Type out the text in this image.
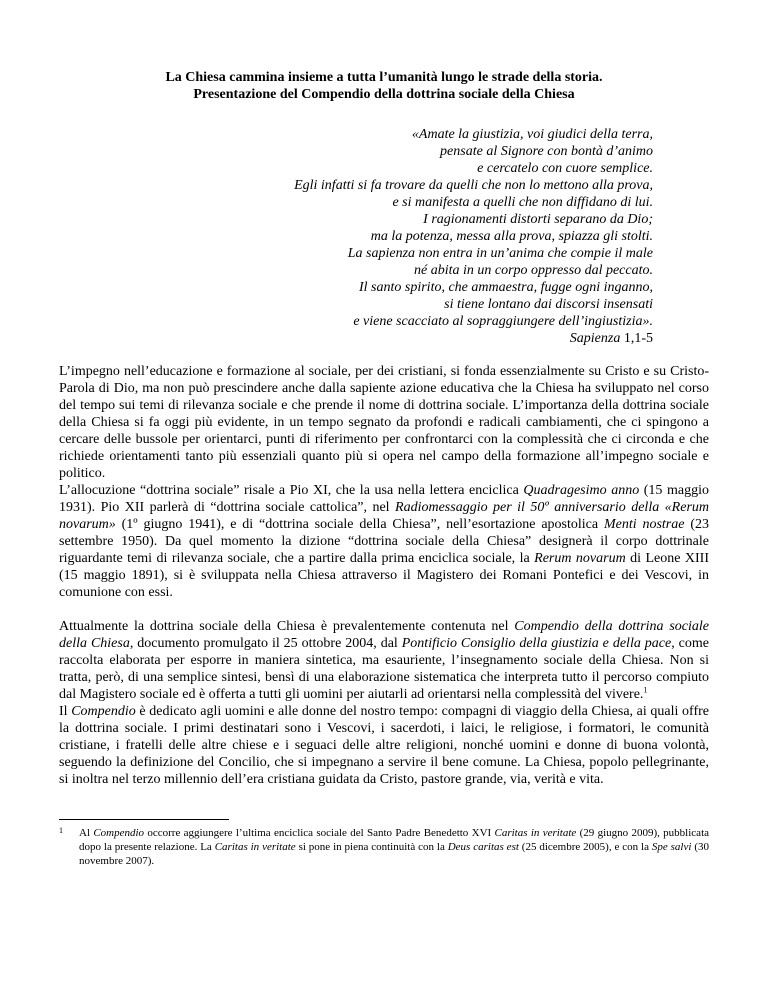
La Chiesa cammina insieme a tutta l’umanità lungo le strade della storia.
Presentazione del Compendio della dottrina sociale della Chiesa
«Amate la giustizia, voi giudici della terra,
pensate al Signore con bontà d’animo
e cercatelo con cuore semplice.
Egli infatti si fa trovare da quelli che non lo mettono alla prova,
e si manifesta a quelli che non diffidano di lui.
I ragionamenti distorti separano da Dio;
ma la potenza, messa alla prova, spiazza gli stolti.
La sapienza non entra in un’anima che compie il male
né abita in un corpo oppresso dal peccato.
Il santo spirito, che ammaestra, fugge ogni inganno,
si tiene lontano dai discorsi insensati
e viene scacciato al sopraggiungere dell’ingiustizia».
Sapienza 1,1-5

L’impegno nell’educazione e formazione al sociale, per dei cristiani, si fonda essenzialmente su Cristo e su Cristo-Parola di Dio, ma non può prescindere anche dalla sapiente azione educativa che la Chiesa ha sviluppato nel corso del tempo sui temi di rilevanza sociale e che prende il nome di dottrina sociale. L’importanza della dottrina sociale della Chiesa si fa oggi più evidente, in un tempo segnato da profondi e radicali cambiamenti, che ci spingono a cercare delle bussole per orientarci, punti di riferimento per confrontarci con la complessità che ci circonda e che richiede orientamenti tanto più essenziali quanto più si opera nel campo della formazione all’impegno sociale e politico.

L’allocuzione “dottrina sociale” risale a Pio XI, che la usa nella lettera enciclica Quadragesimo anno (15 maggio 1931). Pio XII parlerà di “dottrina sociale cattolica”, nel Radiomessaggio per il 50º anniversario della «Rerum novarum» (1º giugno 1941), e di “dottrina sociale della Chiesa”, nell’esortazione apostolica Menti nostrae (23 settembre 1950). Da quel momento la dizione “dottrina sociale della Chiesa” designerà il corpo dottrinale riguardante temi di rilevanza sociale, che a partire dalla prima enciclica sociale, la Rerum novarum di Leone XIII (15 maggio 1891), si è sviluppata nella Chiesa attraverso il Magistero dei Romani Pontefici e dei Vescovi, in comunione con essi.

Attualmente la dottrina sociale della Chiesa è prevalentemente contenuta nel Compendio della dottrina sociale della Chiesa, documento promulgato il 25 ottobre 2004, dal Pontificio Consiglio della giustizia e della pace, come raccolta elaborata per esporre in maniera sintetica, ma esauriente, l’insegnamento sociale della Chiesa. Non si tratta, però, di una semplice sintesi, bensì di una elaborazione sistematica che interpreta tutto il percorso compiuto dal Magistero sociale ed è offerta a tutti gli uomini per aiutarli ad orientarsi nella complessità del vivere.$^1$

Il Compendio è dedicato agli uomini e alle donne del nostro tempo: compagni di viaggio della Chiesa, ai quali offre la dottrina sociale. I primi destinatari sono i Vescovi, i sacerdoti, i laici, le religiose, i formatori, le comunità cristiane, i fratelli delle altre chiese e i seguaci delle altre religioni, nonché uomini e donne di buona volontà, seguendo la definizione del Concilio, che si impegnano a servire il bene comune. La Chiesa, popolo pellegrinante, si inoltra nel terzo millennio dell’era cristiana guidata da Cristo, pastore grande, via, verità e vita.

1	Al Compendio occorre aggiungere l’ultima enciclica sociale del Santo Padre Benedetto XVI Caritas in veritate (29 giugno 2009), pubblicata dopo la presente relazione. La Caritas in veritate si pone in piena continuità con la Deus caritas est (25 dicembre 2005), e con la Spe salvi (30 novembre 2007).
